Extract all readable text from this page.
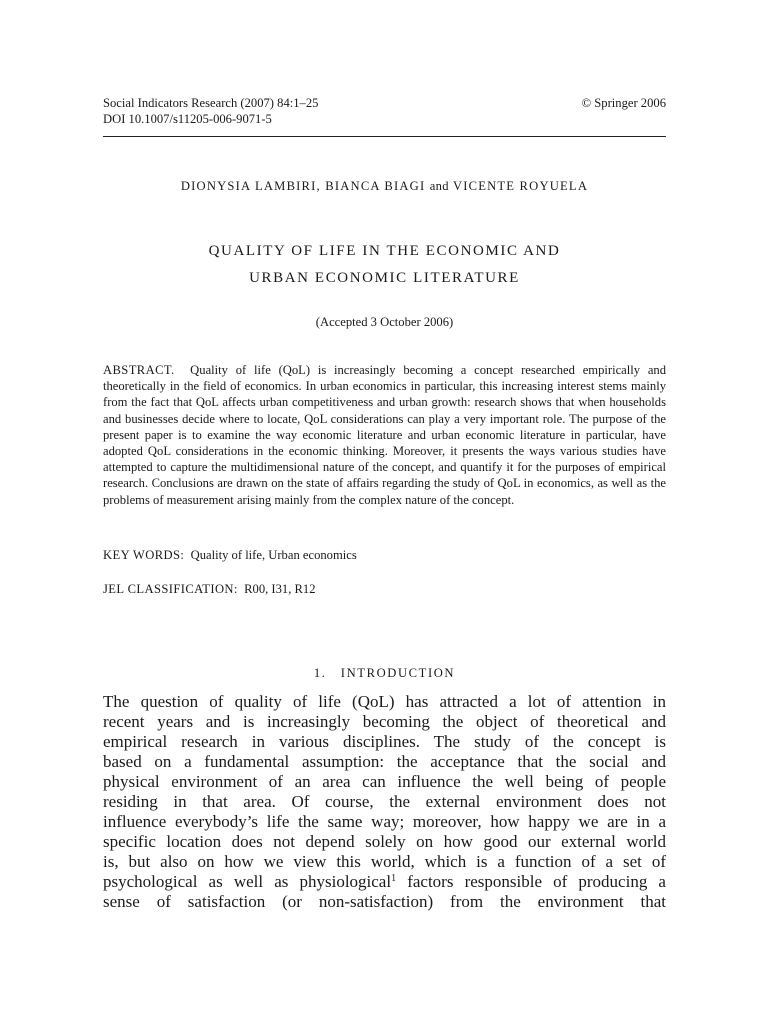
Social Indicators Research (2007) 84:1–25
DOI 10.1007/s11205-006-9071-5
© Springer 2006
DIONYSIA LAMBIRI, BIANCA BIAGI and VICENTE ROYUELA
QUALITY OF LIFE IN THE ECONOMIC AND
URBAN ECONOMIC LITERATURE
(Accepted 3 October 2006)
ABSTRACT. Quality of life (QoL) is increasingly becoming a concept researched empirically and theoretically in the field of economics. In urban economics in particular, this increasing interest stems mainly from the fact that QoL affects urban competitiveness and urban growth: research shows that when households and businesses decide where to locate, QoL considerations can play a very important role. The purpose of the present paper is to examine the way economic literature and urban economic literature in particular, have adopted QoL considerations in the economic thinking. Moreover, it presents the ways various studies have attempted to capture the multidimensional nature of the concept, and quantify it for the purposes of empirical research. Conclusions are drawn on the state of affairs regarding the study of QoL in economics, as well as the problems of measurement arising mainly from the complex nature of the concept.
KEY WORDS: Quality of life, Urban economics
JEL CLASSIFICATION: R00, I31, R12
1. INTRODUCTION
The question of quality of life (QoL) has attracted a lot of attention in
recent years and is increasingly becoming the object of theoretical and
empirical research in various disciplines. The study of the concept is
based on a fundamental assumption: the acceptance that the social and
physical environment of an area can influence the well being of people
residing in that area. Of course, the external environment does not
influence everybody’s life the same way; moreover, how happy we are in a
specific location does not depend solely on how good our external world
is, but also on how we view this world, which is a function of a set of
psychological as well as physiological$^1$ factors responsible of producing a
sense of satisfaction (or non-satisfaction) from the environment that
